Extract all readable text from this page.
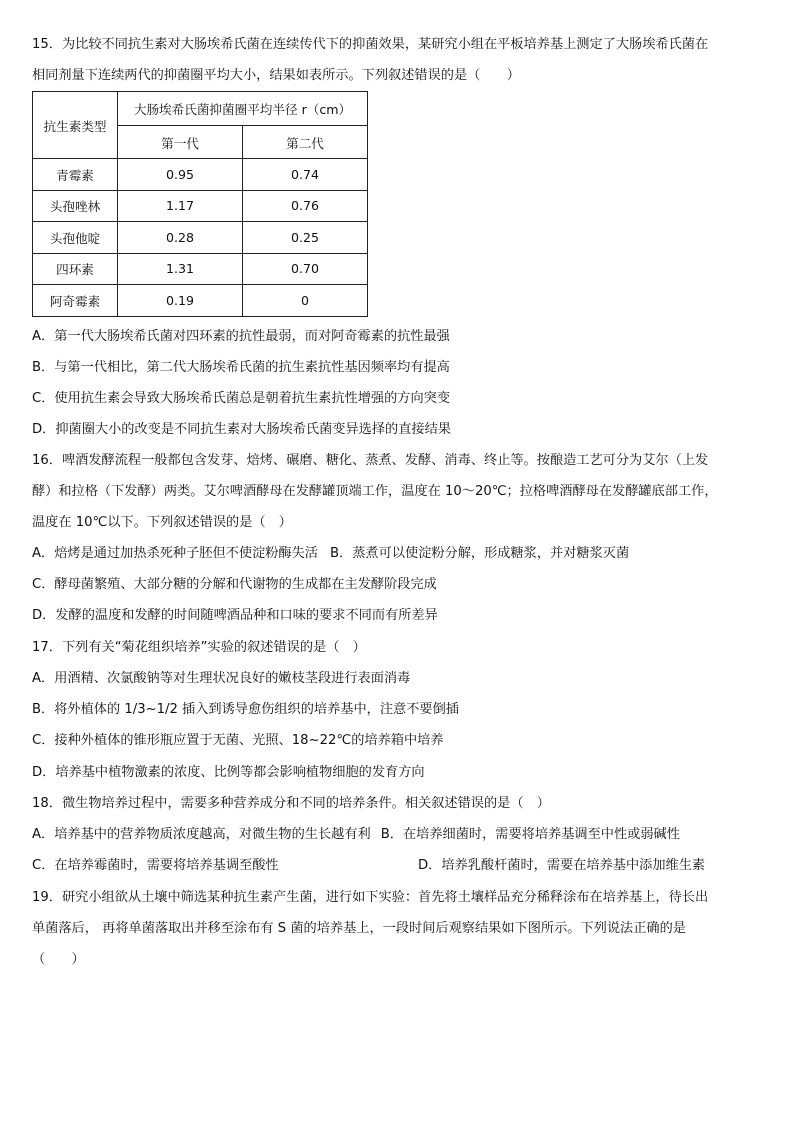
15．为比较不同抗生素对大肠埃希氏菌在连续传代下的抑菌效果，某研究小组在平板培养基上测定了大肠埃希氏菌在
相同剂量下连续两代的抑菌圈平均大小，结果如表所示。下列叙述错误的是（　　）
抗生素类型	大肠埃希氏菌抑菌圈平均半径 r（cm）	
	第一代	第二代
青霉素	0.95	0.74
头孢唑林	1.17	0.76
头孢他啶	0.28	0.25
四环素	1.31	0.70
阿奇霉素	0.19	0
A．第一代大肠埃希氏菌对四环素的抗性最弱，而对阿奇霉素的抗性最强
B．与第一代相比，第二代大肠埃希氏菌的抗生素抗性基因频率均有提高
C．使用抗生素会导致大肠埃希氏菌总是朝着抗生素抗性增强的方向突变
D．抑菌圈大小的改变是不同抗生素对大肠埃希氏菌变异选择的直接结果
16．啤酒发酵流程一般都包含发芽、焙烤、碾磨、糖化、蒸煮、发酵、消毒、终止等。按酿造工艺可分为艾尔（上发
酵）和拉格（下发酵）两类。艾尔啤酒酵母在发酵罐顶端工作，温度在 10～20℃；拉格啤酒酵母在发酵罐底部工作，
温度在 10℃以下。下列叙述错误的是（　）
A．焙烤是通过加热杀死种子胚但不使淀粉酶失活 B．蒸煮可以使淀粉分解，形成糖浆，并对糖浆灭菌
C．酵母菌繁殖、大部分糖的分解和代谢物的生成都在主发酵阶段完成
D．发酵的温度和发酵的时间随啤酒品种和口味的要求不同而有所差异
17．下列有关“菊花组织培养”实验的叙述错误的是（　）
A．用酒精、次氯酸钠等对生理状况良好的嫩枝茎段进行表面消毒
B．将外植体的 1/3~1/2 插入到诱导愈伤组织的培养基中，注意不要倒插
C．接种外植体的锥形瓶应置于无菌、光照、18~22℃的培养箱中培养
D．培养基中植物激素的浓度、比例等都会影响植物细胞的发育方向
18．微生物培养过程中，需要多种营养成分和不同的培养条件。相关叙述错误的是（　）
A．培养基中的营养物质浓度越高，对微生物的生长越有利 B．在培养细菌时，需要将培养基调至中性或弱碱性
C．在培养霉菌时，需要将培养基调至酸性	D．培养乳酸杆菌时，需要在培养基中添加维生素
19．研究小组欲从土壤中筛选某种抗生素产生菌，进行如下实验：首先将土壤样品充分稀释涂布在培养基上，待长出
单菌落后， 再将单菌落取出并移至涂布有 S 菌的培养基上，一段时间后观察结果如下图所示。下列说法正确的是
（　　）
